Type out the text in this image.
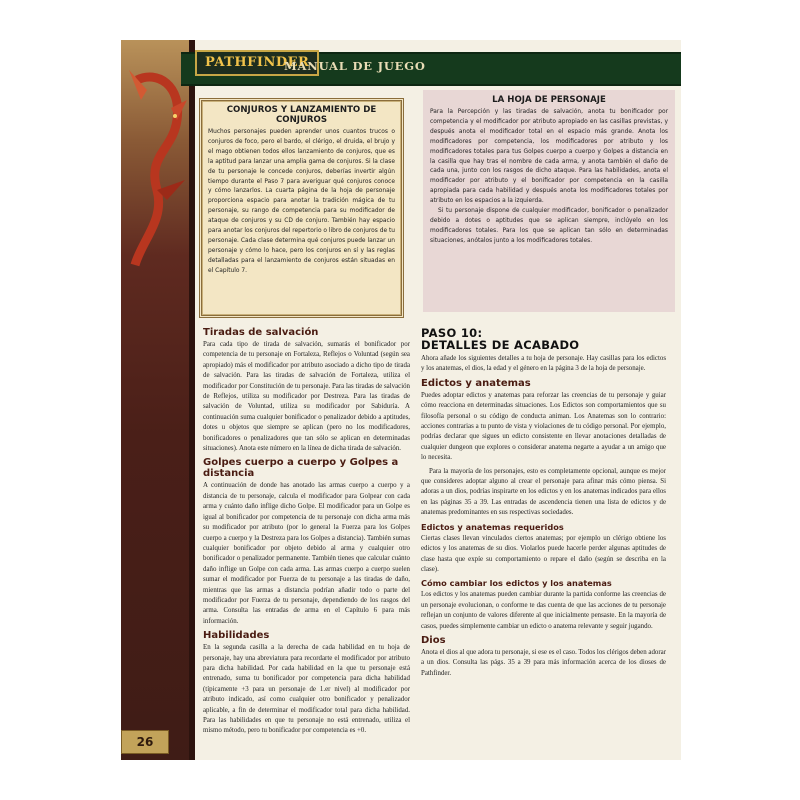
PATHFINDER
MANUAL DE JUEGO
CONJUROS Y LANZAMIENTO DE CONJUROS

Muchos personajes pueden aprender unos cuantos trucos o conjuros de foco, pero el bardo, el clérigo, el druida, el brujo y el mago obtienen todos ellos lanzamiento de conjuros, que es la aptitud para lanzar una amplia gama de conjuros. Si la clase de tu personaje le concede conjuros, deberías invertir algún tiempo durante el Paso 7 para averiguar qué conjuros conoce y cómo lanzarlos. La cuarta página de la hoja de personaje proporciona espacio para anotar la tradición mágica de tu personaje, su rango de competencia para su modificador de ataque de conjuros y su CD de conjuro. También hay espacio para anotar los conjuros del repertorio o libro de conjuros de tu personaje. Cada clase determina qué conjuros puede lanzar un personaje y cómo lo hace, pero los conjuros en sí y las reglas detalladas para el lanzamiento de conjuros están situadas en el Capítulo 7.

LA HOJA DE PERSONAJE

Para la Percepción y las tiradas de salvación, anota tu bonificador por competencia y el modificador por atributo apropiado en las casillas previstas, y después anota el modificador total en el espacio más grande. Anota los modificadores por competencia, los modificadores por atributo y los modificadores totales para tus Golpes cuerpo a cuerpo y Golpes a distancia en la casilla que hay tras el nombre de cada arma, y anota también el daño de cada una, junto con los rasgos de dicho ataque. Para las habilidades, anota el modificador por atributo y el bonificador por competencia en la casilla apropiada para cada habilidad y después anota los modificadores totales por atributo en los espacios a la izquierda.

Si tu personaje dispone de cualquier modificador, bonificador o penalizador debido a dotes o aptitudes que se aplican siempre, inclúyelo en los modificadores totales. Para los que se aplican tan sólo en determinadas situaciones, anótalos junto a los modificadores totales.

Tiradas de salvación

Para cada tipo de tirada de salvación, sumarás el bonificador por competencia de tu personaje en Fortaleza, Reflejos o Voluntad (según sea apropiado) más el modificador por atributo asociado a dicho tipo de tirada de salvación. Para las tiradas de salvación de Fortaleza, utiliza el modificador por Constitución de tu personaje. Para las tiradas de salvación de Reflejos, utiliza su modificador por Destreza. Para las tiradas de salvación de Voluntad, utiliza su modificador por Sabiduría. A continuación suma cualquier bonificador o penalizador debido a aptitudes, dotes u objetos que siempre se aplican (pero no los modificadores, bonificadores o penalizadores que tan sólo se aplican en determinadas situaciones). Anota este número en la línea de dicha tirada de salvación.

Golpes cuerpo a cuerpo y Golpes a distancia

A continuación de donde has anotado las armas cuerpo a cuerpo y a distancia de tu personaje, calcula el modificador para Golpear con cada arma y cuánto daño inflige dicho Golpe. El modificador para un Golpe es igual al bonificador por competencia de tu personaje con dicha arma más su modificador por atributo (por lo general la Fuerza para los Golpes cuerpo a cuerpo y la Destreza para los Golpes a distancia). También sumas cualquier bonificador por objeto debido al arma y cualquier otro bonificador o penalizador permanente. También tienes que calcular cuánto daño inflige un Golpe con cada arma. Las armas cuerpo a cuerpo suelen sumar el modificador por Fuerza de tu personaje a las tiradas de daño, mientras que las armas a distancia podrían añadir todo o parte del modificador por Fuerza de tu personaje, dependiendo de los rasgos del arma. Consulta las entradas de arma en el Capítulo 6 para más información.

Habilidades

En la segunda casilla a la derecha de cada habilidad en tu hoja de personaje, hay una abreviatura para recordarte el modificador por atributo para dicha habilidad. Por cada habilidad en la que tu personaje está entrenado, suma tu bonificador por competencia para dicha habilidad (típicamente +3 para un personaje de 1.er nivel) al modificador por atributo indicado, así como cualquier otro bonificador y penalizador aplicable, a fin de determinar el modificador total para dicha habilidad. Para las habilidades en que tu personaje no está entrenado, utiliza el mismo método, pero tu bonificador por competencia es +0.

PASO 10:
DETALLES DE ACABADO

Ahora añade los siguientes detalles a tu hoja de personaje. Hay casillas para los edictos y los anatemas, el dios, la edad y el género en la página 3 de la hoja de personaje.

Edictos y anatemas

Puedes adoptar edictos y anatemas para reforzar las creencias de tu personaje y guiar cómo reacciona en determinadas situaciones. Los Edictos son comportamientos que su filosofía personal o su código de conducta animan. Los Anatemas son lo contrario: acciones contrarias a tu punto de vista y violaciones de tu código personal. Por ejemplo, podrías declarar que sigues un edicto consistente en llevar anotaciones detalladas de cualquier dungeon que explores o considerar anatema negarte a ayudar a un amigo que lo necesita.

Para la mayoría de los personajes, esto es completamente opcional, aunque es mejor que consideres adoptar alguno al crear el personaje para afinar más cómo piensa. Si adoras a un dios, podrías inspirarte en los edictos y en los anatemas indicados para ellos en las páginas 35 a 39. Las entradas de ascendencia tienen una lista de edictos y de anatemas predominantes en sus respectivas sociedades.

Edictos y anatemas requeridos

Ciertas clases llevan vinculados ciertos anatemas; por ejemplo un clérigo obtiene los edictos y los anatemas de su dios. Violarlos puede hacerle perder algunas aptitudes de clase hasta que expíe su comportamiento o repare el daño (según se describa en la clase).

Cómo cambiar los edictos y los anatemas

Los edictos y los anatemas pueden cambiar durante la partida conforme las creencias de un personaje evolucionan, o conforme te das cuenta de que las acciones de tu personaje reflejan un conjunto de valores diferente al que inicialmente pensaste. En la mayoría de casos, puedes simplemente cambiar un edicto o anatema relevante y seguir jugando.

Dios

Anota el dios al que adora tu personaje, si ese es el caso. Todos los clérigos deben adorar a un dios. Consulta las págs. 35 a 39 para más información acerca de los dioses de Pathfinder.

26
